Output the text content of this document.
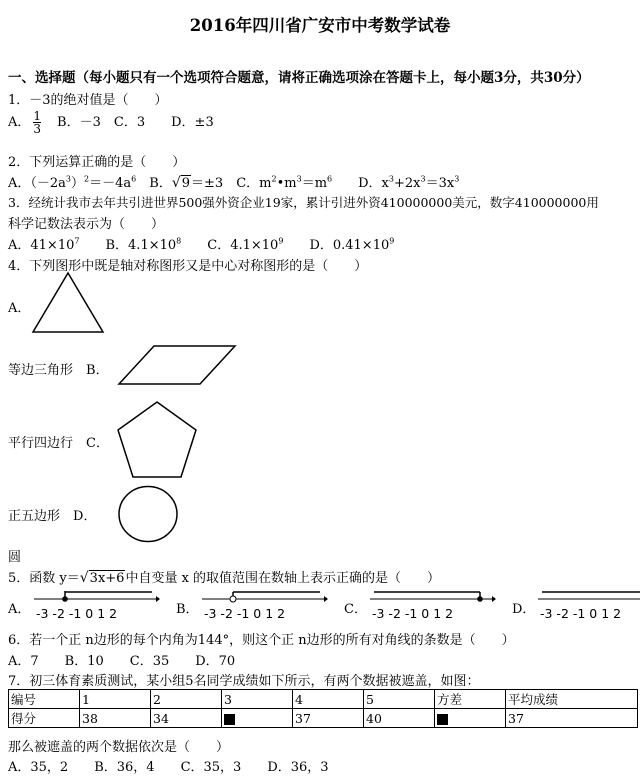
2016年四川省广安市中考数学试卷
一、选择题（每小题只有一个选项符合题意，请将正确选项涂在答题卡上，每小题3分，共30分）
1．－3的绝对值是（　　）
A． $\frac{1}{3}$
　 B．－3　 C．3　　 D．±3
2．下列运算正确的是（　　）
A．$(-2a^3)^2=-4a^6$　 B．√9＝±3　 C．$m^2•m^3=m^6$　　 D．$x^3+2x^3=3x^3$
3．经统计我市去年共引进世界500强外资企业19家，累计引进外资410000000美元，数字410000000用
科学记数法表示为（　　）
A．$41\times 10^7$　　 B．$4.1\times 10^8$　　 C．$4.1\times 10^9$　　 D．$0.41\times 10^9$
4．下列图形中既是轴对称图形又是中心对称图形的是（　　）
A．
等边三角形　 B．
平行四边行　 C．
正五边形　 D．
圆
5．函数 y＝√3x+6中自变量 x 的取值范围在数轴上表示正确的是（　　）
A． -3 -2 -1 0 1 2	B． -3 -2 -1 0 1 2	C． -3 -2 -1 0 1 2	D． -3 -2 -1 0 1 2
6．若一个正 n边形的每个内角为144°，则这个正 n边形的所有对角线的条数是（　　）
A．7　　B．10　　C．35　　D．70
7．初三体育素质测试，某小组5名同学成绩如下所示，有两个数据被遮盖，如图：
编号	1	2	3	4	5	方差	平均成绩
得分	38	34		37	40		37
那么被遮盖的两个数据依次是（　　）
A．35，2　　B．36，4　　C．35，3　　D．36，3
